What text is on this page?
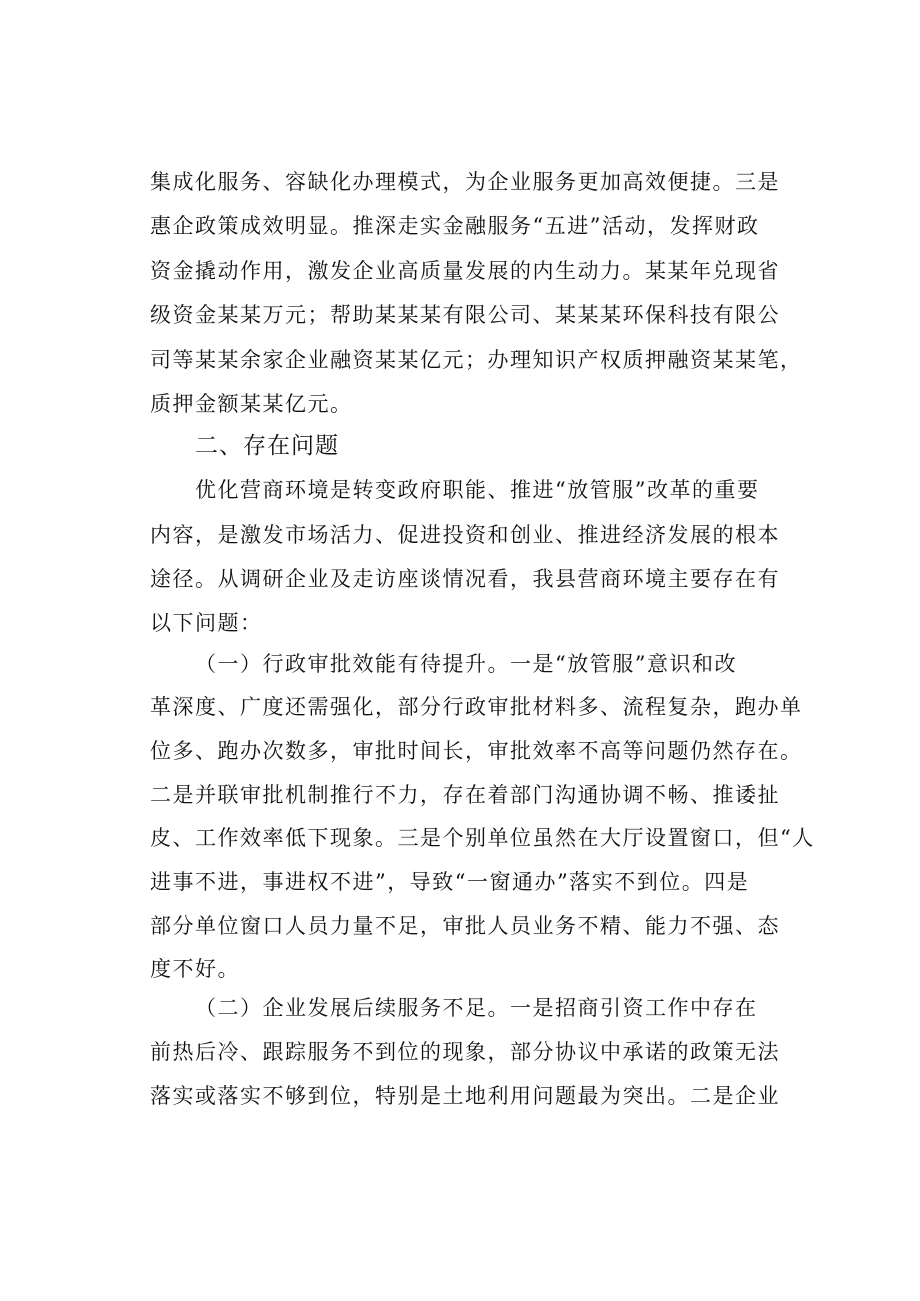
集成化服务、容缺化办理模式，为企业服务更加高效便捷。三是
惠企政策成效明显。推深走实金融服务“五进”活动，发挥财政
资金撬动作用，激发企业高质量发展的内生动力。某某年兑现省
级资金某某万元；帮助某某某有限公司、某某某环保科技有限公
司等某某余家企业融资某某亿元；办理知识产权质押融资某某笔，
质押金额某某亿元。
二、存在问题
优化营商环境是转变政府职能、推进“放管服”改革的重要
内容，是激发市场活力、促进投资和创业、推进经济发展的根本
途径。从调研企业及走访座谈情况看，我县营商环境主要存在有
以下问题：
（一）行政审批效能有待提升。一是“放管服”意识和改
革深度、广度还需强化，部分行政审批材料多、流程复杂，跑办单
位多、跑办次数多，审批时间长，审批效率不高等问题仍然存在。
二是并联审批机制推行不力，存在着部门沟通协调不畅、推诿扯
皮、工作效率低下现象。三是个别单位虽然在大厅设置窗口，但“人
进事不进，事进权不进”，导致“一窗通办”落实不到位。四是
部分单位窗口人员力量不足，审批人员业务不精、能力不强、态
度不好。
（二）企业发展后续服务不足。一是招商引资工作中存在
前热后冷、跟踪服务不到位的现象，部分协议中承诺的政策无法
落实或落实不够到位，特别是土地利用问题最为突出。二是企业
